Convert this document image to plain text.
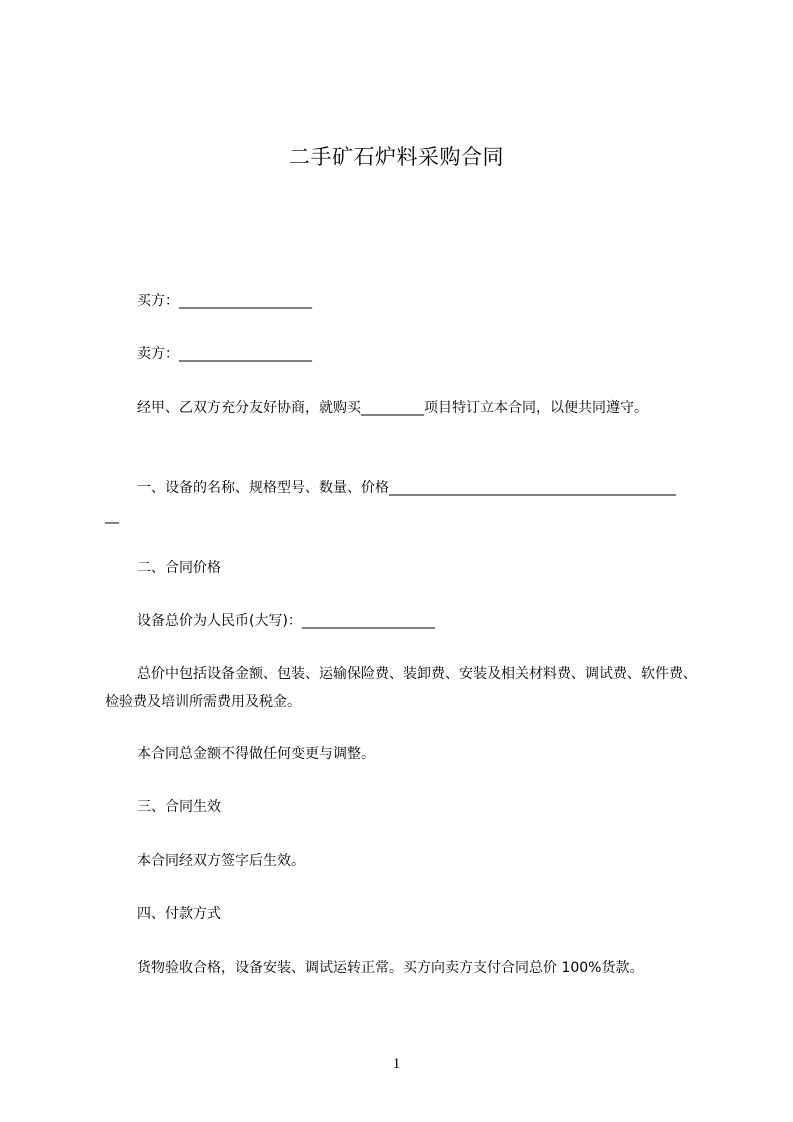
二手矿石炉料采购合同
买方：___________________
卖方：___________________
经甲、乙双方充分友好协商，就购买_________项目特订立本合同，以便共同遵守。
一、设备的名称、规格型号、数量、价格_________________________________________
__
二、合同价格
设备总价为人民币(大写)：___________________
总价中包括设备金额、包装、运输保险费、装卸费、安装及相关材料费、调试费、软件费、检验费及培训所需费用及税金。
本合同总金额不得做任何变更与调整。
三、合同生效
本合同经双方签字后生效。
四、付款方式
货物验收合格，设备安装、调试运转正常。买方向卖方支付合同总价 100%货款。
1
